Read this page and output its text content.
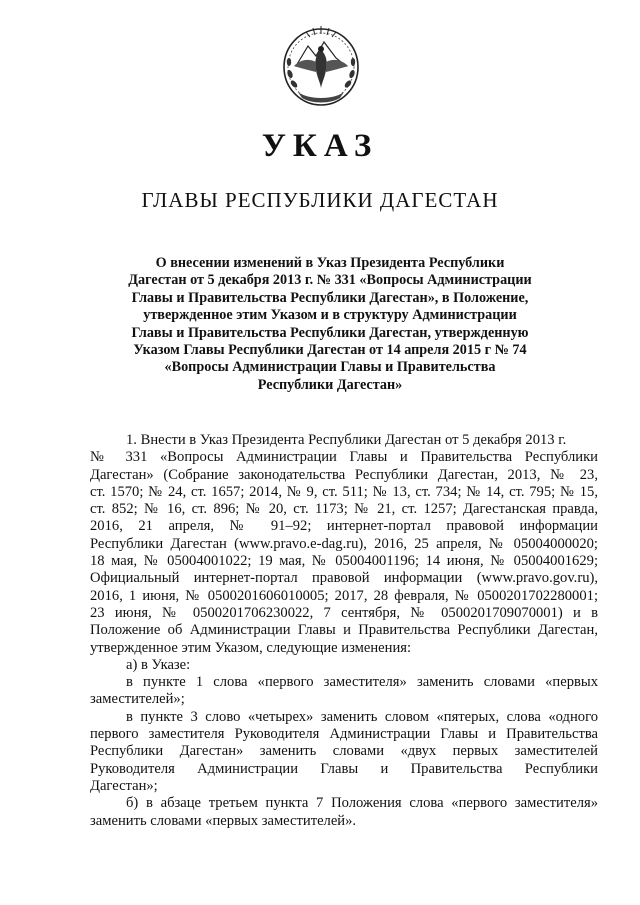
УКАЗ
ГЛАВЫ РЕСПУБЛИКИ ДАГЕСТАН
О внесении изменений в Указ Президента Республики
Дагестан от 5 декабря 2013 г. № 331 «Вопросы Администрации
Главы и Правительства Республики Дагестан», в Положение,
утвержденное этим Указом и в структуру Администрации
Главы и Правительства Республики Дагестан, утвержденную
Указом Главы Республики Дагестан от 14 апреля 2015 г № 74
«Вопросы Администрации Главы и Правительства
Республики Дагестан»
1. Внести в Указ Президента Республики Дагестан от 5 декабря 2013 г.
№ 331 «Вопросы Администрации Главы и Правительства Республики
Дагестан» (Собрание законодательства Республики Дагестан, 2013, № 23,
ст. 1570; № 24, ст. 1657; 2014, № 9, ст. 511; № 13, ст. 734; № 14, ст. 795; № 15,
ст. 852; № 16, ст. 896; № 20, ст. 1173; № 21, ст. 1257; Дагестанская правда,
2016, 21 апреля, № 91–92; интернет-портал правовой информации
Республики Дагестан (www.pravo.e-dag.ru), 2016, 25 апреля, № 05004000020;
18 мая, № 05004001022; 19 мая, № 05004001196; 14 июня, № 05004001629;
Официальный интернет-портал правовой информации (www.pravo.gov.ru),
2016, 1 июня, № 0500201606010005; 2017, 28 февраля, № 0500201702280001;
23 июня, № 0500201706230022, 7 сентября, № 0500201709070001) и в
Положение об Администрации Главы и Правительства Республики Дагестан,
утвержденное этим Указом, следующие изменения:
а) в Указе:
в пункте 1 слова «первого заместителя» заменить словами «первых
заместителей»;
в пункте 3 слово «четырех» заменить словом «пятерых, слова «одного
первого заместителя Руководителя Администрации Главы и Правительства
Республики Дагестан» заменить словами «двух первых заместителей
Руководителя Администрации Главы и Правительства Республики
Дагестан»;
б) в абзаце третьем пункта 7 Положения слова «первого заместителя»
заменить словами «первых заместителей».
